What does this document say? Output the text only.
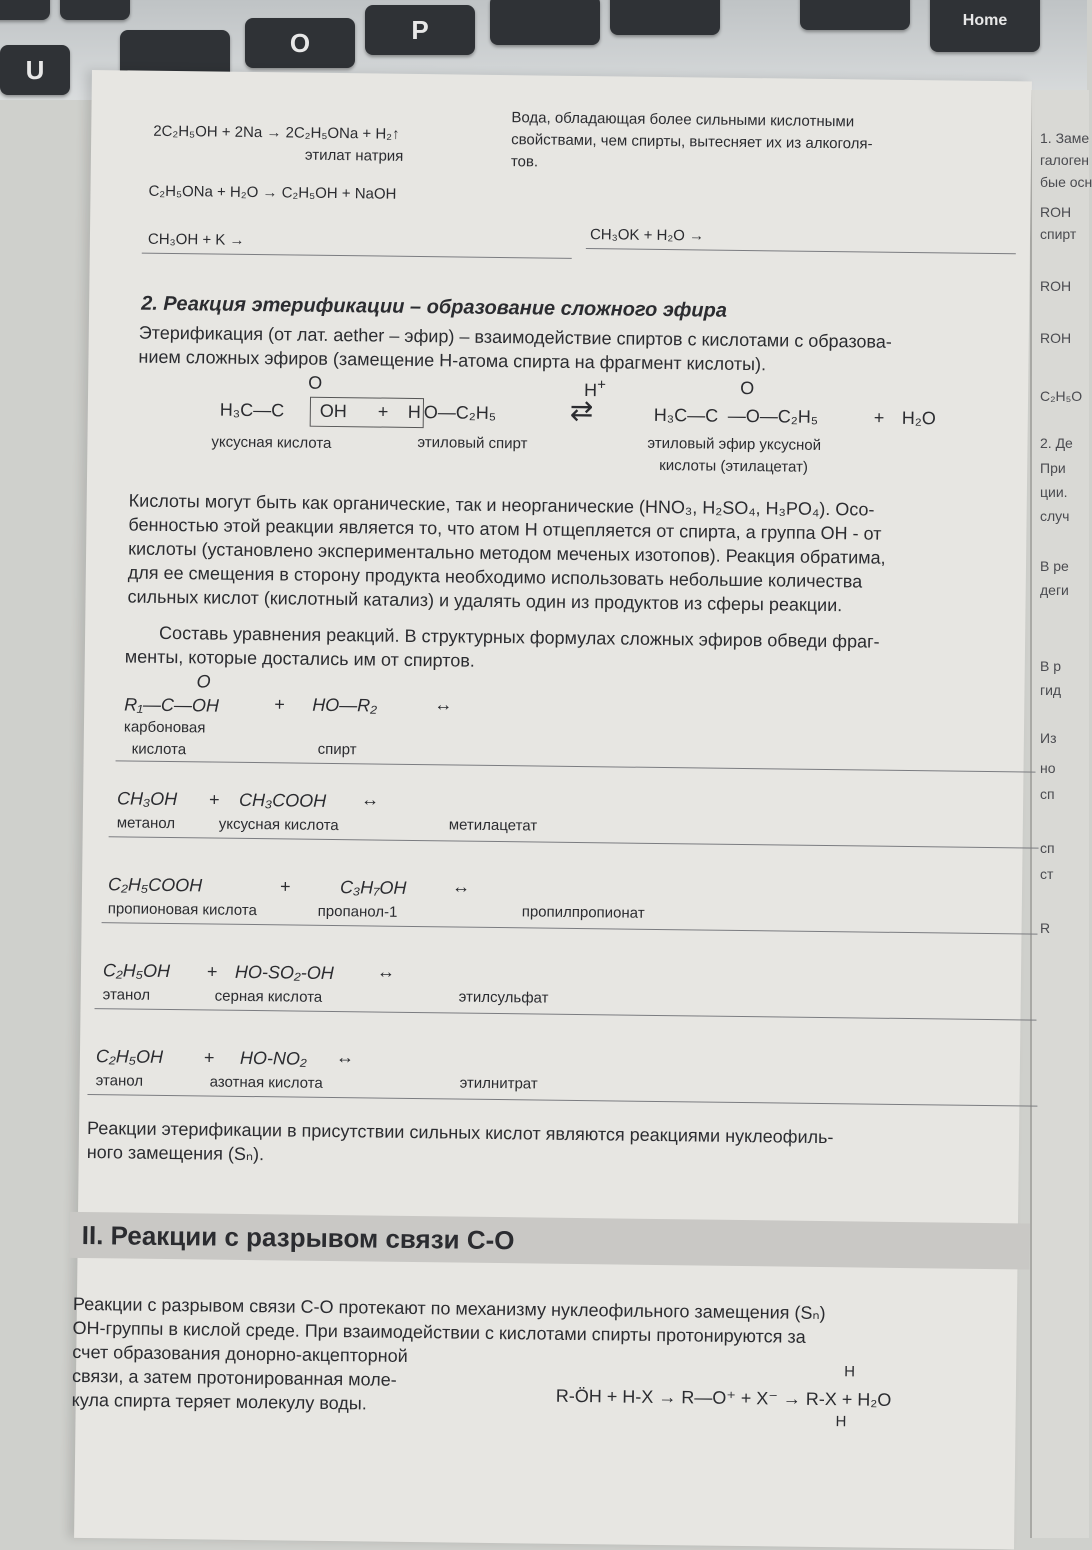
U
O	P	Home
1. Заме
галоген
бые осн
ROH
спирт
ROH
ROH
C₂H₅O
2. Де
При
ции.
случ
В ре
деги
В р
гид
Из
но
сп
сп
ст
R
2C₂H₅OH + 2Na → 2C₂H₅ONa + H₂↑
этилат натрия
C₂H₅ONa + H₂O → C₂H₅OH + NaOH
CH₃OH + K →	CH₃OK + H₂O →
Вода, обладающая более сильными кислотными
свойствами, чем спирты, вытесняет их из алкоголя-
тов.
2. Реакция этерификации – образование сложного эфира
Этерификация (от лат. aether – эфир) – взаимодействие спиртов с кислотами с образова-
нием сложных эфиров (замещение Н-атома спирта на фрагмент кислоты).
O
H₃C—C OH + H O—C₂H₅
H+
⇄
O
H₃C—C —O—C₂H₅	+ H₂O
уксусная кислота	этиловый спирт	этиловый эфир уксусной
кислоты (этилацетат)
Кислоты могут быть как органические, так и неорганические (HNO₃, H₂SO₄, H₃PO₄). Осо-
бенностью этой реакции является то, что атом Н отщепляется от спирта, а группа ОН - от
кислоты (установлено экспериментально методом меченых изотопов). Реакция обратима,
для ее смещения в сторону продукта необходимо использовать небольшие количества
сильных кислот (кислотный катализ) и удалять один из продуктов из сферы реакции.
Составь уравнения реакций. В структурных формулах сложных эфиров обведи фраг-
менты, которые достались им от спиртов.
O
R₁—C—OH	+ HO—R₂	↔
карбоновая
кислота	спирт
CH₃OH + CH₃COOH ↔
метанол	уксусная кислота	метилацетат
C₂H₅COOH	+	C₃H₇OH	↔
пропионовая кислота	пропанол-1	пропилпропионат
C₂H₅OH + HO-SO₂-OH ↔
этанол	серная кислота	этилсульфат
C₂H₅OH + HO-NO₂ ↔
этанол	азотная кислота	этилнитрат
Реакции этерификации в присутствии сильных кислот являются реакциями нуклеофиль-
ного замещения (Sₙ).
II. Реакции с разрывом связи С-О
Реакции с разрывом связи С-О протекают по механизму нуклеофильного замещения (Sₙ)
ОН-группы в кислой среде. При взаимодействии с кислотами спирты протонируются за
счет образования донорно-акцепторной
связи, а затем протонированная моле-
кула спирта теряет молекулу воды.
H
R-ÖH + H-X → R—O⁺ + X⁻ → R-X + H₂O
H
